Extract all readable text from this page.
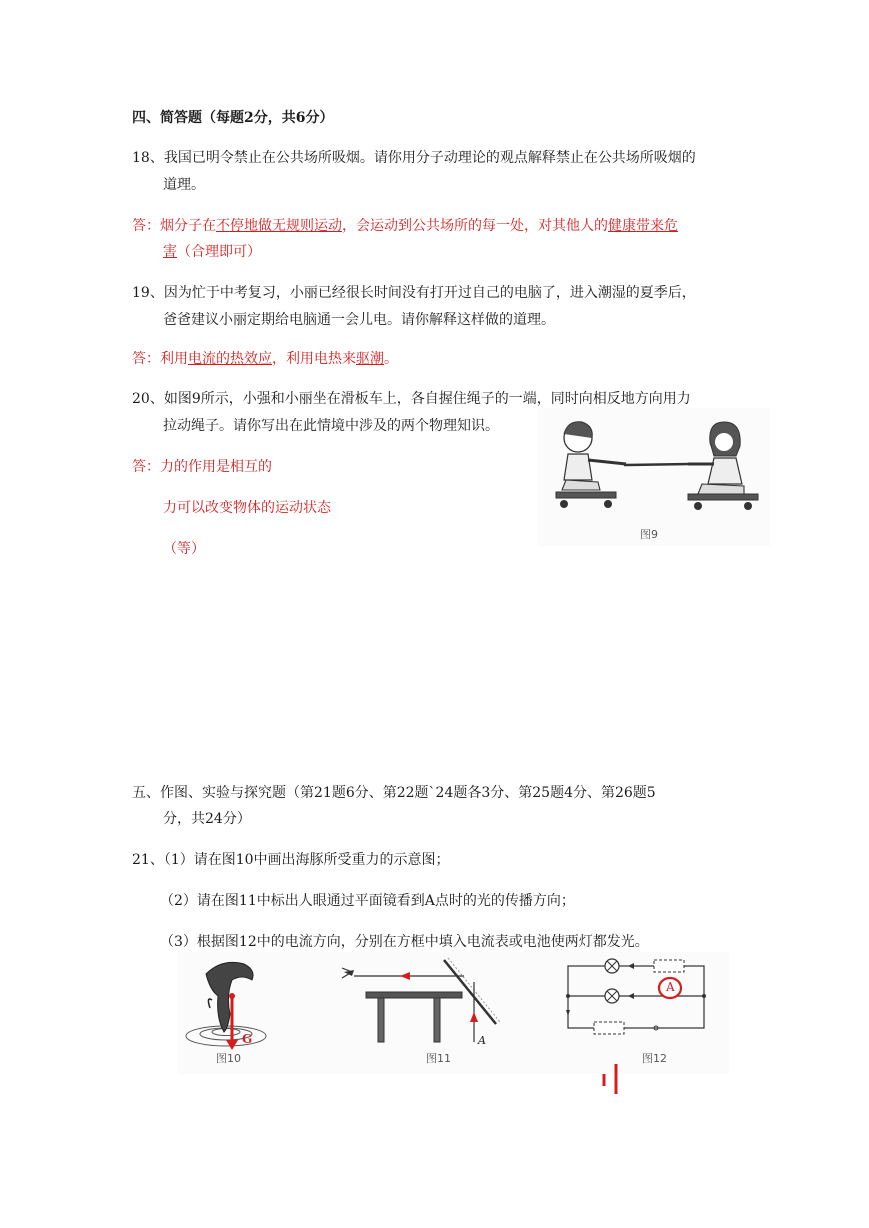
四、简答题（每题2分，共6分）
18、我国已明令禁止在公共场所吸烟。请你用分子动理论的观点解释禁止在公共场所吸烟的
道理。
答：烟分子在不停地做无规则运动，会运动到公共场所的每一处，对其他人的健康带来危
害（合理即可）
19、因为忙于中考复习，小丽已经很长时间没有打开过自己的电脑了，进入潮湿的夏季后，
爸爸建议小丽定期给电脑通一会儿电。请你解释这样做的道理。
答：利用电流的热效应，利用电热来驱潮。
20、如图9所示，小强和小丽坐在滑板车上，各自握住绳子的一端，同时向相反地方向用力
拉动绳子。请你写出在此情境中涉及的两个物理知识。
答：力的作用是相互的
力可以改变物体的运动状态
（等）
图9
五、作图、实验与探究题（第21题6分、第22题`24题各3分、第25题4分、第26题5
分，共24分）
21、（1）请在图10中画出海豚所受重力的示意图；
（2）请在图11中标出人眼通过平面镜看到A点时的光的传播方向；
（3）根据图12中的电流方向，分别在方框中填入电流表或电池使两灯都发光。
G
图10
A
图11
A
图12
